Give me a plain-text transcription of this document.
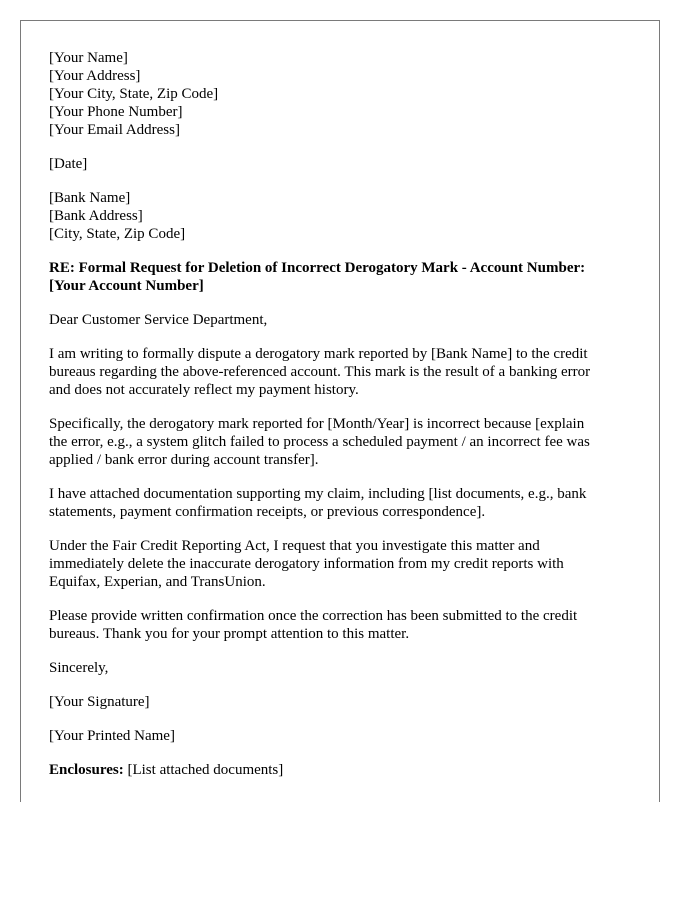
[Your Name]
[Your Address]
[Your City, State, Zip Code]
[Your Phone Number]
[Your Email Address]
[Date]
[Bank Name]
[Bank Address]
[City, State, Zip Code]
RE: Formal Request for Deletion of Incorrect Derogatory Mark - Account Number:
[Your Account Number]
Dear Customer Service Department,
I am writing to formally dispute a derogatory mark reported by [Bank Name] to the credit
bureaus regarding the above-referenced account. This mark is the result of a banking error
and does not accurately reflect my payment history.
Specifically, the derogatory mark reported for [Month/Year] is incorrect because [explain
the error, e.g., a system glitch failed to process a scheduled payment / an incorrect fee was
applied / bank error during account transfer].
I have attached documentation supporting my claim, including [list documents, e.g., bank
statements, payment confirmation receipts, or previous correspondence].
Under the Fair Credit Reporting Act, I request that you investigate this matter and
immediately delete the inaccurate derogatory information from my credit reports with
Equifax, Experian, and TransUnion.
Please provide written confirmation once the correction has been submitted to the credit
bureaus. Thank you for your prompt attention to this matter.
Sincerely,
[Your Signature]
[Your Printed Name]
Enclosures: [List attached documents]
